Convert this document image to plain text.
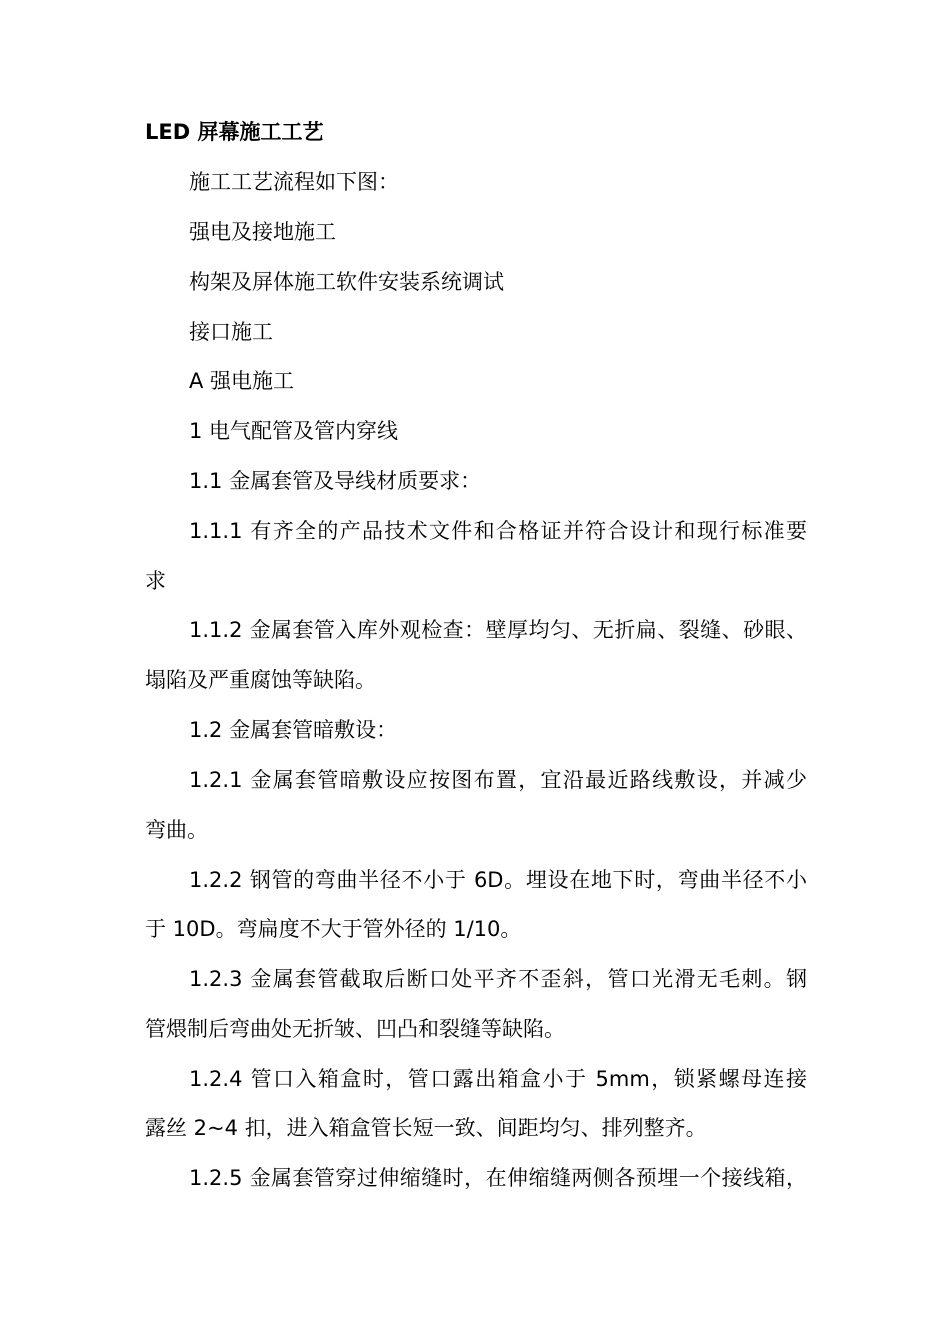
LED 屏幕施工工艺
施工工艺流程如下图：
强电及接地施工
构架及屏体施工软件安装系统调试
接口施工
A 强电施工
1 电气配管及管内穿线
1.1 金属套管及导线材质要求：
1.1.1 有齐全的产品技术文件和合格证并符合设计和现行标准要
求
1.1.2 金属套管入库外观检查：壁厚均匀、无折扁、裂缝、砂眼、
塌陷及严重腐蚀等缺陷。
1.2 金属套管暗敷设：
1.2.1 金属套管暗敷设应按图布置，宜沿最近路线敷设，并减少
弯曲。
1.2.2 钢管的弯曲半径不小于 6D。埋设在地下时，弯曲半径不小
于 10D。弯扁度不大于管外径的 1/10。
1.2.3 金属套管截取后断口处平齐不歪斜，管口光滑无毛刺。钢
管煨制后弯曲处无折皱、凹凸和裂缝等缺陷。
1.2.4 管口入箱盒时，管口露出箱盒小于 5mm，锁紧螺母连接
露丝 2~4 扣，进入箱盒管长短一致、间距均匀、排列整齐。
1.2.5 金属套管穿过伸缩缝时，在伸缩缝两侧各预埋一个接线箱，
